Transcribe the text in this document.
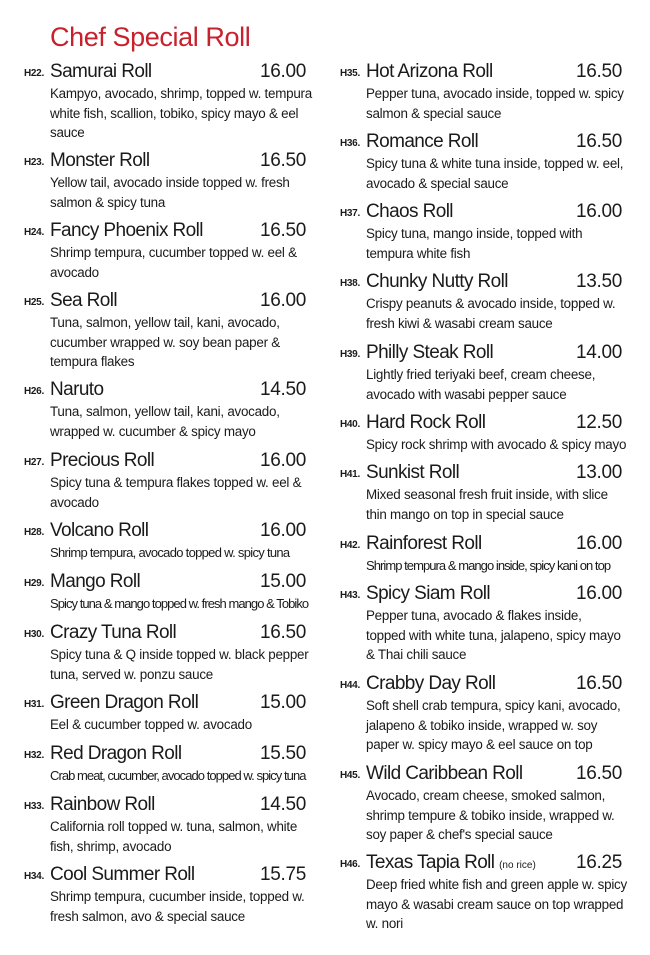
Chef Special Roll
H22. Samurai Roll	16.00
Kampyo, avocado, shrimp, topped w. tempura
white fish, scallion, tobiko, spicy mayo & eel
sauce
H23. Monster Roll	16.50
Yellow tail, avocado inside topped w. fresh
salmon & spicy tuna
H24. Fancy Phoenix Roll	16.50
Shrimp tempura, cucumber topped w. eel &
avocado
H25. Sea Roll	16.00
Tuna, salmon, yellow tail, kani, avocado,
cucumber wrapped w. soy bean paper &
tempura flakes
H26. Naruto	14.50
Tuna, salmon, yellow tail, kani, avocado,
wrapped w. cucumber & spicy mayo
H27. Precious Roll	16.00
Spicy tuna & tempura flakes topped w. eel &
avocado
H28. Volcano Roll	16.00
Shrimp tempura, avocado topped w. spicy tuna
H29. Mango Roll	15.00
Spicy tuna & mango topped w. fresh mango & Tobiko
H30. Crazy Tuna Roll	16.50
Spicy tuna & Q inside topped w. black pepper
tuna, served w. ponzu sauce
H31. Green Dragon Roll	15.00
Eel & cucumber topped w. avocado
H32. Red Dragon Roll	15.50
Crab meat, cucumber, avocado topped w. spicy tuna
H33. Rainbow Roll	14.50
California roll topped w. tuna, salmon, white
fish, shrimp, avocado
H34. Cool Summer Roll	15.75
Shrimp tempura, cucumber inside, topped w.
fresh salmon, avo & special sauce
H35. Hot Arizona Roll	16.50
Pepper tuna, avocado inside, topped w. spicy
salmon & special sauce
H36. Romance Roll	16.50
Spicy tuna & white tuna inside, topped w. eel,
avocado & special sauce
H37. Chaos Roll	16.00
Spicy tuna, mango inside, topped with
tempura white fish
H38. Chunky Nutty Roll	13.50
Crispy peanuts & avocado inside, topped w.
fresh kiwi & wasabi cream sauce
H39. Philly Steak Roll	14.00
Lightly fried teriyaki beef, cream cheese,
avocado with wasabi pepper sauce
H40. Hard Rock Roll	12.50
Spicy rock shrimp with avocado & spicy mayo
H41. Sunkist Roll	13.00
Mixed seasonal fresh fruit inside, with slice
thin mango on top in special sauce
H42. Rainforest Roll	16.00
Shrimp tempura & mango inside, spicy kani on top
H43. Spicy Siam Roll	16.00
Pepper tuna, avocado & flakes inside,
topped with white tuna, jalapeno, spicy mayo
& Thai chili sauce
H44. Crabby Day Roll	16.50
Soft shell crab tempura, spicy kani, avocado,
jalapeno & tobiko inside, wrapped w. soy
paper w. spicy mayo & eel sauce on top
H45. Wild Caribbean Roll	16.50
Avocado, cream cheese, smoked salmon,
shrimp tempure & tobiko inside, wrapped w.
soy paper & chef's special sauce
H46. Texas Tapia Roll (no rice) 16.25
Deep fried white fish and green apple w. spicy
mayo & wasabi cream sauce on top wrapped
w. nori
